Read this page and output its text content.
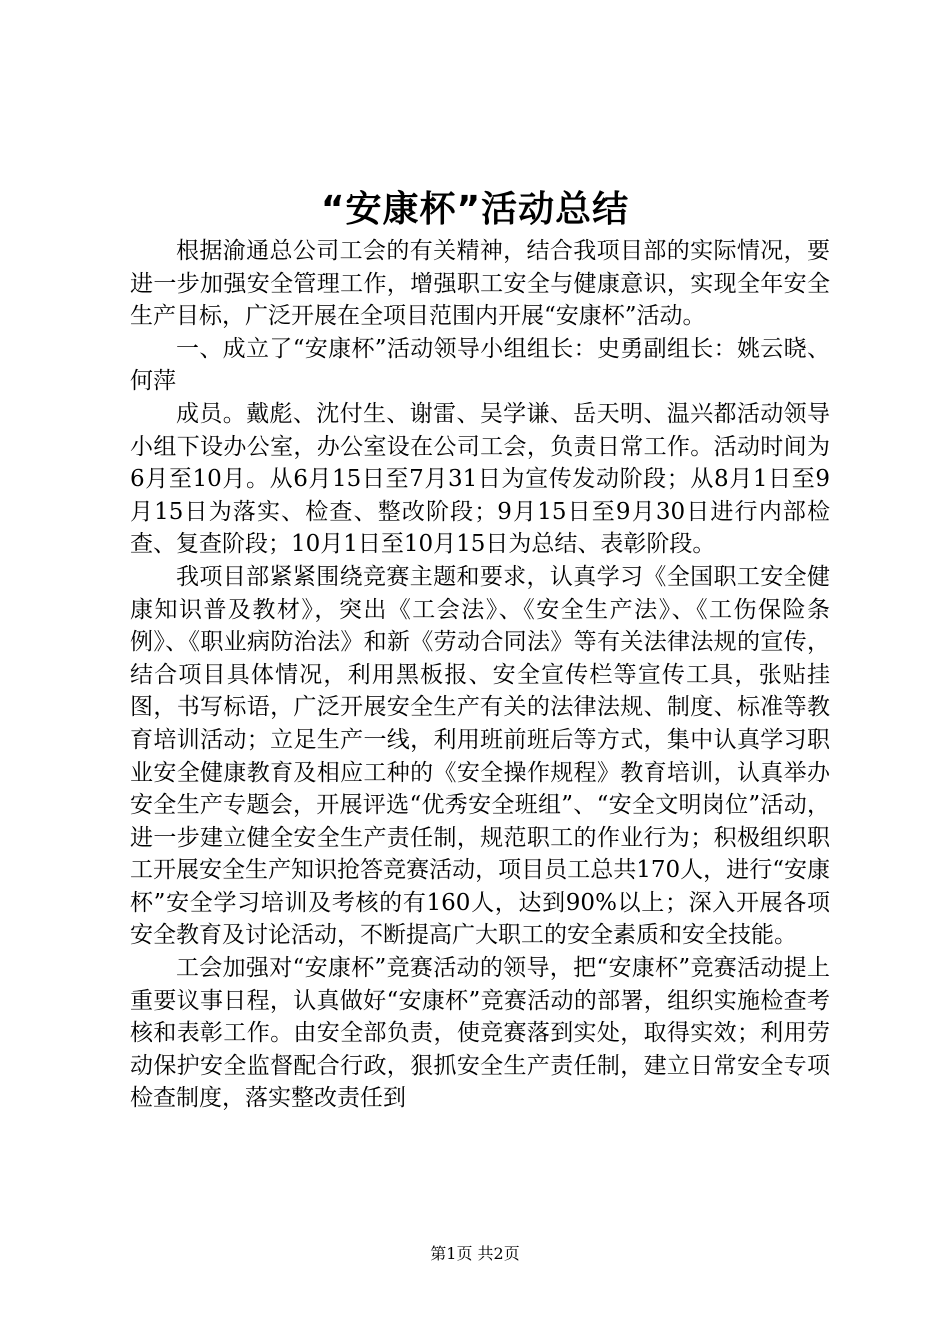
“安康杯”活动总结

根据渝通总公司工会的有关精神，结合我项目部的实际情况，要进一步加强安全管理工作，增强职工安全与健康意识，实现全年安全生产目标，广泛开展在全项目范围内开展“安康杯”活动。

一、成立了“安康杯”活动领导小组组长：史勇副组长：姚云晓、何萍

成员。戴彪、沈付生、谢雷、吴学谦、岳天明、温兴都活动领导小组下设办公室，办公室设在公司工会，负责日常工作。活动时间为6月至10月。从6月15日至7月31日为宣传发动阶段；从8月1日至9月15日为落实、检查、整改阶段；9月15日至9月30日进行内部检查、复查阶段；10月1日至10月15日为总结、表彰阶段。

我项目部紧紧围绕竞赛主题和要求，认真学习《全国职工安全健康知识普及教材》，突出《工会法》、《安全生产法》、《工伤保险条例》、《职业病防治法》和新《劳动合同法》等有关法律法规的宣传，结合项目具体情况，利用黑板报、安全宣传栏等宣传工具，张贴挂图，书写标语，广泛开展安全生产有关的法律法规、制度、标准等教育培训活动；立足生产一线，利用班前班后等方式，集中认真学习职业安全健康教育及相应工种的《安全操作规程》教育培训，认真举办安全生产专题会，开展评选“优秀安全班组”、“安全文明岗位”活动，进一步建立健全安全生产责任制，规范职工的作业行为；积极组织职工开展安全生产知识抢答竞赛活动，项目员工总共170人，进行“安康杯”安全学习培训及考核的有160人，达到90%以上；深入开展各项安全教育及讨论活动，不断提高广大职工的安全素质和安全技能。

工会加强对“安康杯”竞赛活动的领导，把“安康杯”竞赛活动提上重要议事日程，认真做好“安康杯”竞赛活动的部署，组织实施检查考核和表彰工作。由安全部负责，使竞赛落到实处，取得实效；利用劳动保护安全监督配合行政，狠抓安全生产责任制，建立日常安全专项检查制度，落实整改责任到

第1页 共2页
